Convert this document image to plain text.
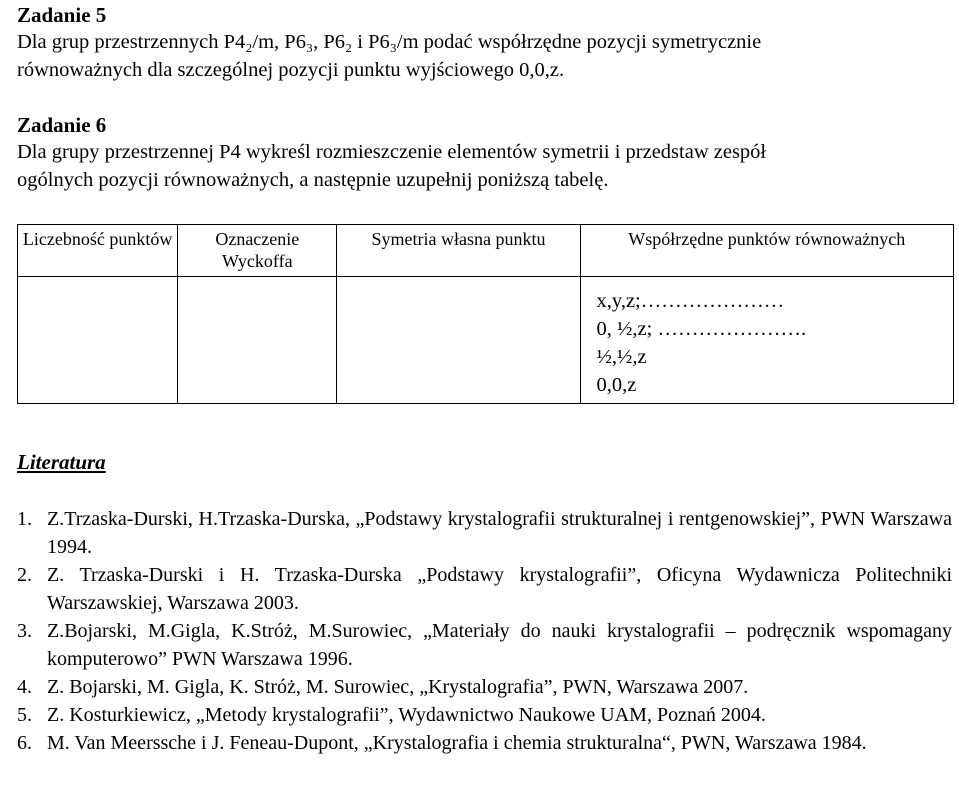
Zadanie 5

Dla grup przestrzennych P4₂/m, P6₃, P6₂ i P6₃/m podać współrzędne pozycji symetrycznie

równoważnych dla szczególnej pozycji punktu wyjściowego 0,0,z.

Zadanie 6

Dla grupy przestrzennej P4 wykreśl rozmieszczenie elementów symetrii i przedstaw zespół

ogólnych pozycji równoważnych, a następnie uzupełnij poniższą tabelę.

Liczebność punktów	Oznaczenie Wyckoffa	Symetria własna punktu	Współrzędne punktów równoważnych

			x,y,z;…………………
0, ½,z; ………………….
½,½,z
0,0,z
Literatura
1. Z.Trzaska-Durski, H.Trzaska-Durska, „Podstawy krystalografii strukturalnej i rentgenowskiej”, PWN Warszawa 1994.
2. Z. Trzaska-Durski i H. Trzaska-Durska „Podstawy krystalografii”, Oficyna Wydawnicza Politechniki Warszawskiej, Warszawa 2003.
3. Z.Bojarski, M.Gigla, K.Stróż, M.Surowiec, „Materiały do nauki krystalografii – podręcznik wspomagany komputerowo” PWN Warszawa 1996.
4. Z. Bojarski, M. Gigla, K. Stróż, M. Surowiec, „Krystalografia”, PWN, Warszawa 2007.
5. Z. Kosturkiewicz, „Metody krystalografii”, Wydawnictwo Naukowe UAM, Poznań 2004.
6. M. Van Meerssche i J. Feneau-Dupont, „Krystalografia i chemia strukturalna“, PWN, Warszawa 1984.
